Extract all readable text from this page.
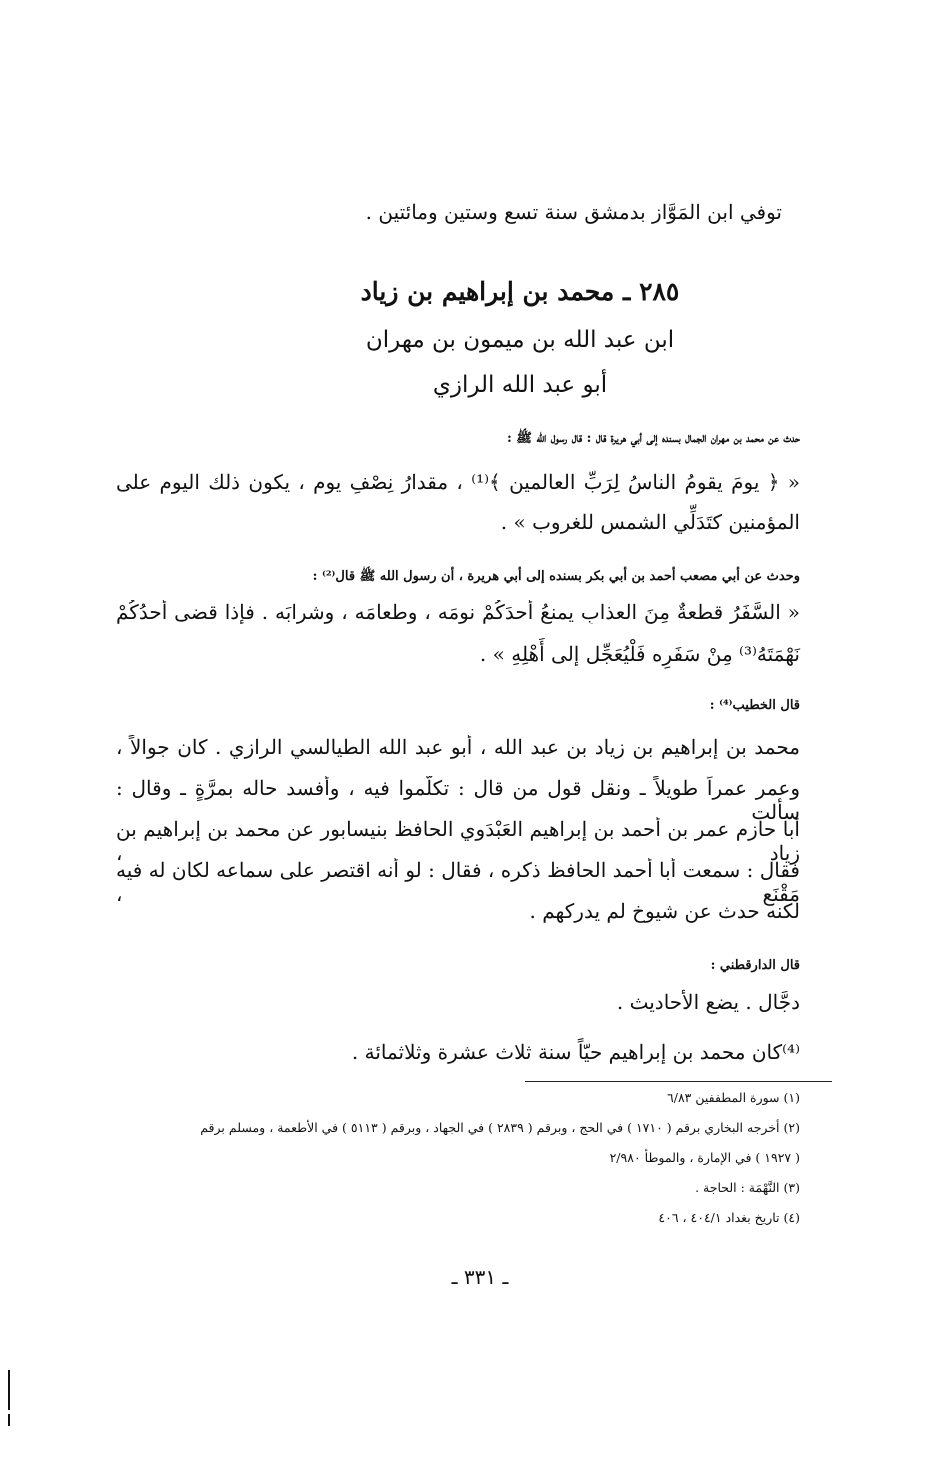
توفي ابن المَوَّاز بدمشق سنة تسع وستين ومائتين .
٢٨٥ ـ محمد بن إبراهيم بن زياد
ابن عبد الله بن ميمون بن مهران
أبو عبد الله الرازي
حدث عن محمد بن مهران الجمال بسنده إلى أبي هريرة قال : قال رسول الله ﷺ :
« ﴿ يومَ يقومُ الناسُ لِرَبِّ العالمين ﴾⁽¹⁾ ، مقدارُ نِصْفِ يومٍ ، يكون ذلك اليوم على
المؤمنين كتَدَلِّي الشمس للغروب » .
وحدث عن أبي مصعب أحمد بن أبي بكر بسنده إلى أبي هريرة ، أن رسول الله ﷺ قال⁽²⁾ :
« السَّفَرُ قطعةٌ مِنَ العذابِ يمنعُ أحدَكُمْ نومَه ، وطعامَه ، وشرابَه . فإذا قضى أحدُكُمْ
نَهْمَتَهُ⁽³⁾ مِنْ سَفَرِه فَلْيُعَجِّل إلى أَهْلِهِ » .
قال الخطيب⁽⁴⁾ :
محمد بن إبراهيم بن زياد بن عبد الله ، أبو عبد الله الطيالسي الرازي . كان جوالاً ،
وعمر عمراً طويلاً ـ ونقل قول من قال : تكلَّموا فيه ، وأفسد حاله بمرَّةٍ ـ وقال : سألت
أبا حازم عمر بن أحمد بن إبراهيم العَبْدَوي الحافظ بنيسابور عن محمد بن إبراهيم بن زياد ،
فقال : سمعت أبا أحمد الحافظ ذكره ، فقال : لو أنه اقتصر على سماعه لكان له فيه مَقْنَع ،
لكنه حدث عن شيوخ لم يدركهم .
قال الدارقطني :
دجَّال . يضع الأحاديث .
⁽⁴⁾كان محمد بن إبراهيم حيّاً سنة ثلاث عشرة وثلاثمائة .
(١) سورة المطففين ٦/٨٣
(٢) أخرجه البخاري برقم ( ١٧١٠ ) في الحج ، وبرقم ( ٢٨٣٩ ) في الجهاد ، وبرقم ( ٥١١٣ ) في الأطعمة ، ومسلم برقم
( ١٩٢٧ ) في الإمارة ، والموطأ ٢/٩٨٠
(٣) النَّهْمَة : الحاجة .
(٤) تاريخ بغداد ٤٠٤/١ ، ٤٠٦
ـ ٣٣١ ـ
